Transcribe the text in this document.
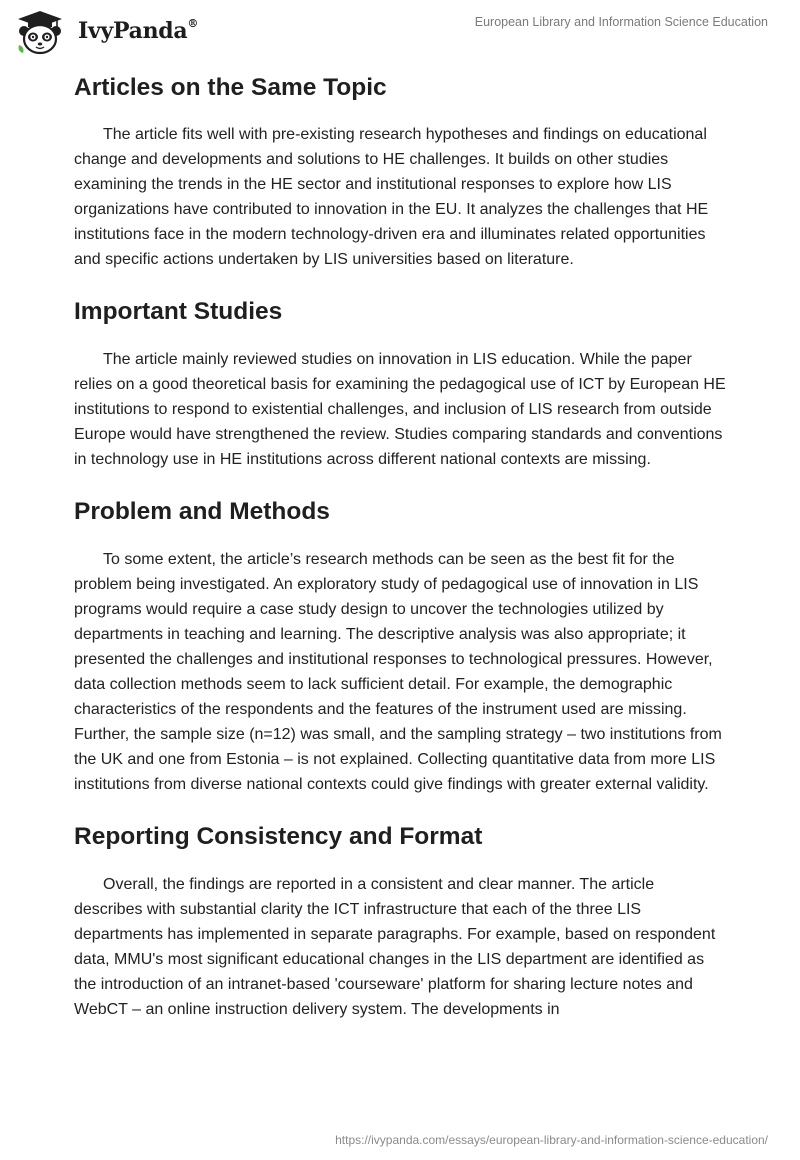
IvyPanda®	European Library and Information Science Education
Articles on the Same Topic

The article fits well with pre-existing research hypotheses and findings on educational change and developments and solutions to HE challenges. It builds on other studies examining the trends in the HE sector and institutional responses to explore how LIS organizations have contributed to innovation in the EU. It analyzes the challenges that HE institutions face in the modern technology-driven era and illuminates related opportunities and specific actions undertaken by LIS universities based on literature.

Important Studies

The article mainly reviewed studies on innovation in LIS education. While the paper relies on a good theoretical basis for examining the pedagogical use of ICT by European HE institutions to respond to existential challenges, and inclusion of LIS research from outside Europe would have strengthened the review. Studies comparing standards and conventions in technology use in HE institutions across different national contexts are missing.

Problem and Methods

To some extent, the article’s research methods can be seen as the best fit for the problem being investigated. An exploratory study of pedagogical use of innovation in LIS programs would require a case study design to uncover the technologies utilized by departments in teaching and learning. The descriptive analysis was also appropriate; it presented the challenges and institutional responses to technological pressures. However, data collection methods seem to lack sufficient detail. For example, the demographic characteristics of the respondents and the features of the instrument used are missing. Further, the sample size (n=12) was small, and the sampling strategy – two institutions from the UK and one from Estonia – is not explained. Collecting quantitative data from more LIS institutions from diverse national contexts could give findings with greater external validity.

Reporting Consistency and Format

Overall, the findings are reported in a consistent and clear manner. The article describes with substantial clarity the ICT infrastructure that each of the three LIS departments has implemented in separate paragraphs. For example, based on respondent data, MMU's most significant educational changes in the LIS department are identified as the introduction of an intranet-based 'courseware' platform for sharing lecture notes and WebCT – an online instruction delivery system. The developments in

https://ivypanda.com/essays/european-library-and-information-science-education/
